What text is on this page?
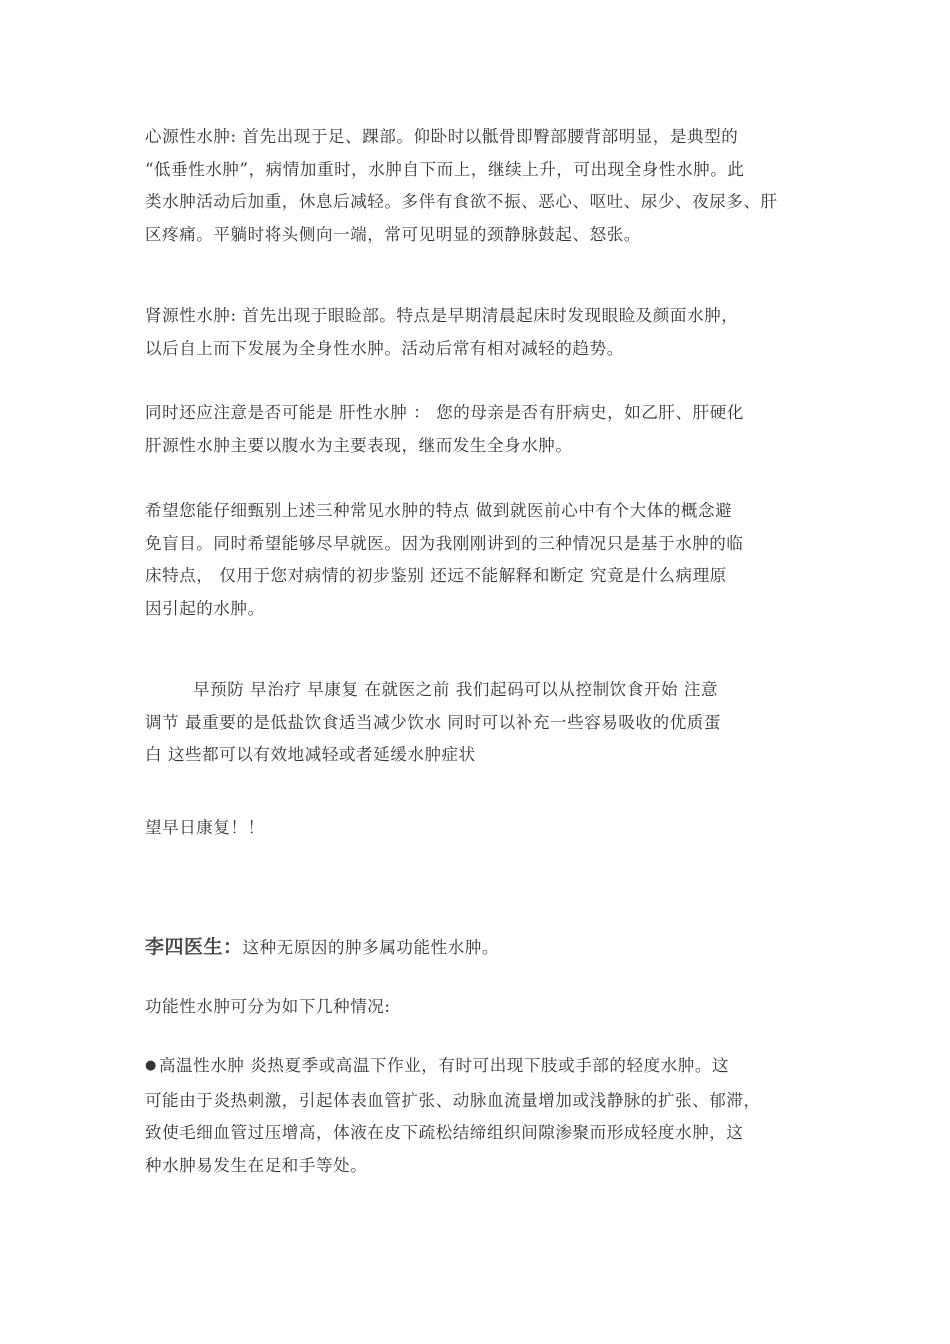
心源性水肿: 首先出现于足、踝部。仰卧时以骶骨即臀部腰背部明显，是典型的
“低垂性水肿”，病情加重时，水肿自下而上，继续上升，可出现全身性水肿。此
类水肿活动后加重，休息后减轻。多伴有食欲不振、恶心、呕吐、尿少、夜尿多、肝
区疼痛。平躺时将头侧向一端，常可见明显的颈静脉鼓起、怒张。

肾源性水肿: 首先出现于眼睑部。特点是早期清晨起床时发现眼睑及颜面水肿，
以后自上而下发展为全身性水肿。活动后常有相对减轻的趋势。

同时还应注意是否可能是 肝性水肿 ： 您的母亲是否有肝病史，如乙肝、肝硬化
肝源性水肿主要以腹水为主要表现，继而发生全身水肿。

希望您能仔细甄别上述三种常见水肿的特点 做到就医前心中有个大体的概念避
免盲目。同时希望能够尽早就医。因为我刚刚讲到的三种情况只是基于水肿的临
床特点， 仅用于您对病情的初步鉴别 还远不能解释和断定 究竟是什么病理原
因引起的水肿。

早预防 早治疗 早康复 在就医之前 我们起码可以从控制饮食开始 注意
调节 最重要的是低盐饮食适当减少饮水 同时可以补充一些容易吸收的优质蛋
白 这些都可以有效地减轻或者延缓水肿症状

望早日康复！！

李四医生：这种无原因的肿多属功能性水肿。

功能性水肿可分为如下几种情况:

● 高温性水肿 炎热夏季或高温下作业，有时可出现下肢或手部的轻度水肿。这
可能由于炎热刺激，引起体表血管扩张、动脉血流量增加或浅静脉的扩张、郁滞，
致使毛细血管过压增高，体液在皮下疏松结缔组织间隙渗聚而形成轻度水肿，这
种水肿易发生在足和手等处。
